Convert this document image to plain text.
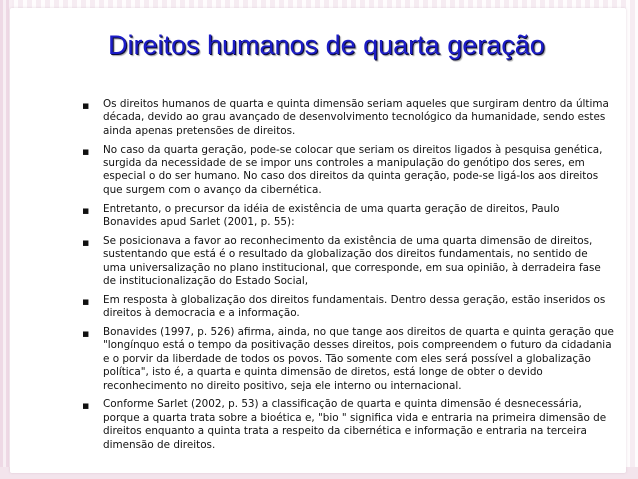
Direitos humanos de quarta geração
▪ Os direitos humanos de quarta e quinta dimensão seriam aqueles que surgiram dentro da última década, devido ao grau avançado de desenvolvimento tecnológico da humanidade, sendo estes ainda apenas pretensões de direitos.
▪ No caso da quarta geração, pode-se colocar que seriam os direitos ligados à pesquisa genética, surgida da necessidade de se impor uns controles a manipulação do genótipo dos seres, em especial o do ser humano. No caso dos direitos da quinta geração, pode-se ligá-los aos direitos que surgem com o avanço da cibernética.
▪ Entretanto, o precursor da idéia de existência de uma quarta geração de direitos, Paulo Bonavides apud Sarlet (2001, p. 55):
▪ Se posicionava a favor ao reconhecimento da existência de uma quarta dimensão de direitos, sustentando que está é o resultado da globalização dos direitos fundamentais, no sentido de uma universalização no plano institucional, que corresponde, em sua opinião, à derradeira fase de institucionalização do Estado Social,
▪ Em resposta à globalização dos direitos fundamentais. Dentro dessa geração, estão inseridos os direitos à democracia e a informação.
▪ Bonavides (1997, p. 526) afirma, ainda, no que tange aos direitos de quarta e quinta geração que "longínquo está o tempo da positivação desses direitos, pois compreendem o futuro da cidadania e o porvir da liberdade de todos os povos. Tão somente com eles será possível a globalização política", isto é, a quarta e quinta dimensão de diretos, está longe de obter o devido reconhecimento no direito positivo, seja ele interno ou internacional.
▪ Conforme Sarlet (2002, p. 53) a classificação de quarta e quinta dimensão é desnecessária, porque a quarta trata sobre a bioética e, "bio " significa vida e entraria na primeira dimensão de direitos enquanto a quinta trata a respeito da cibernética e informação e entraria na terceira dimensão de direitos.
